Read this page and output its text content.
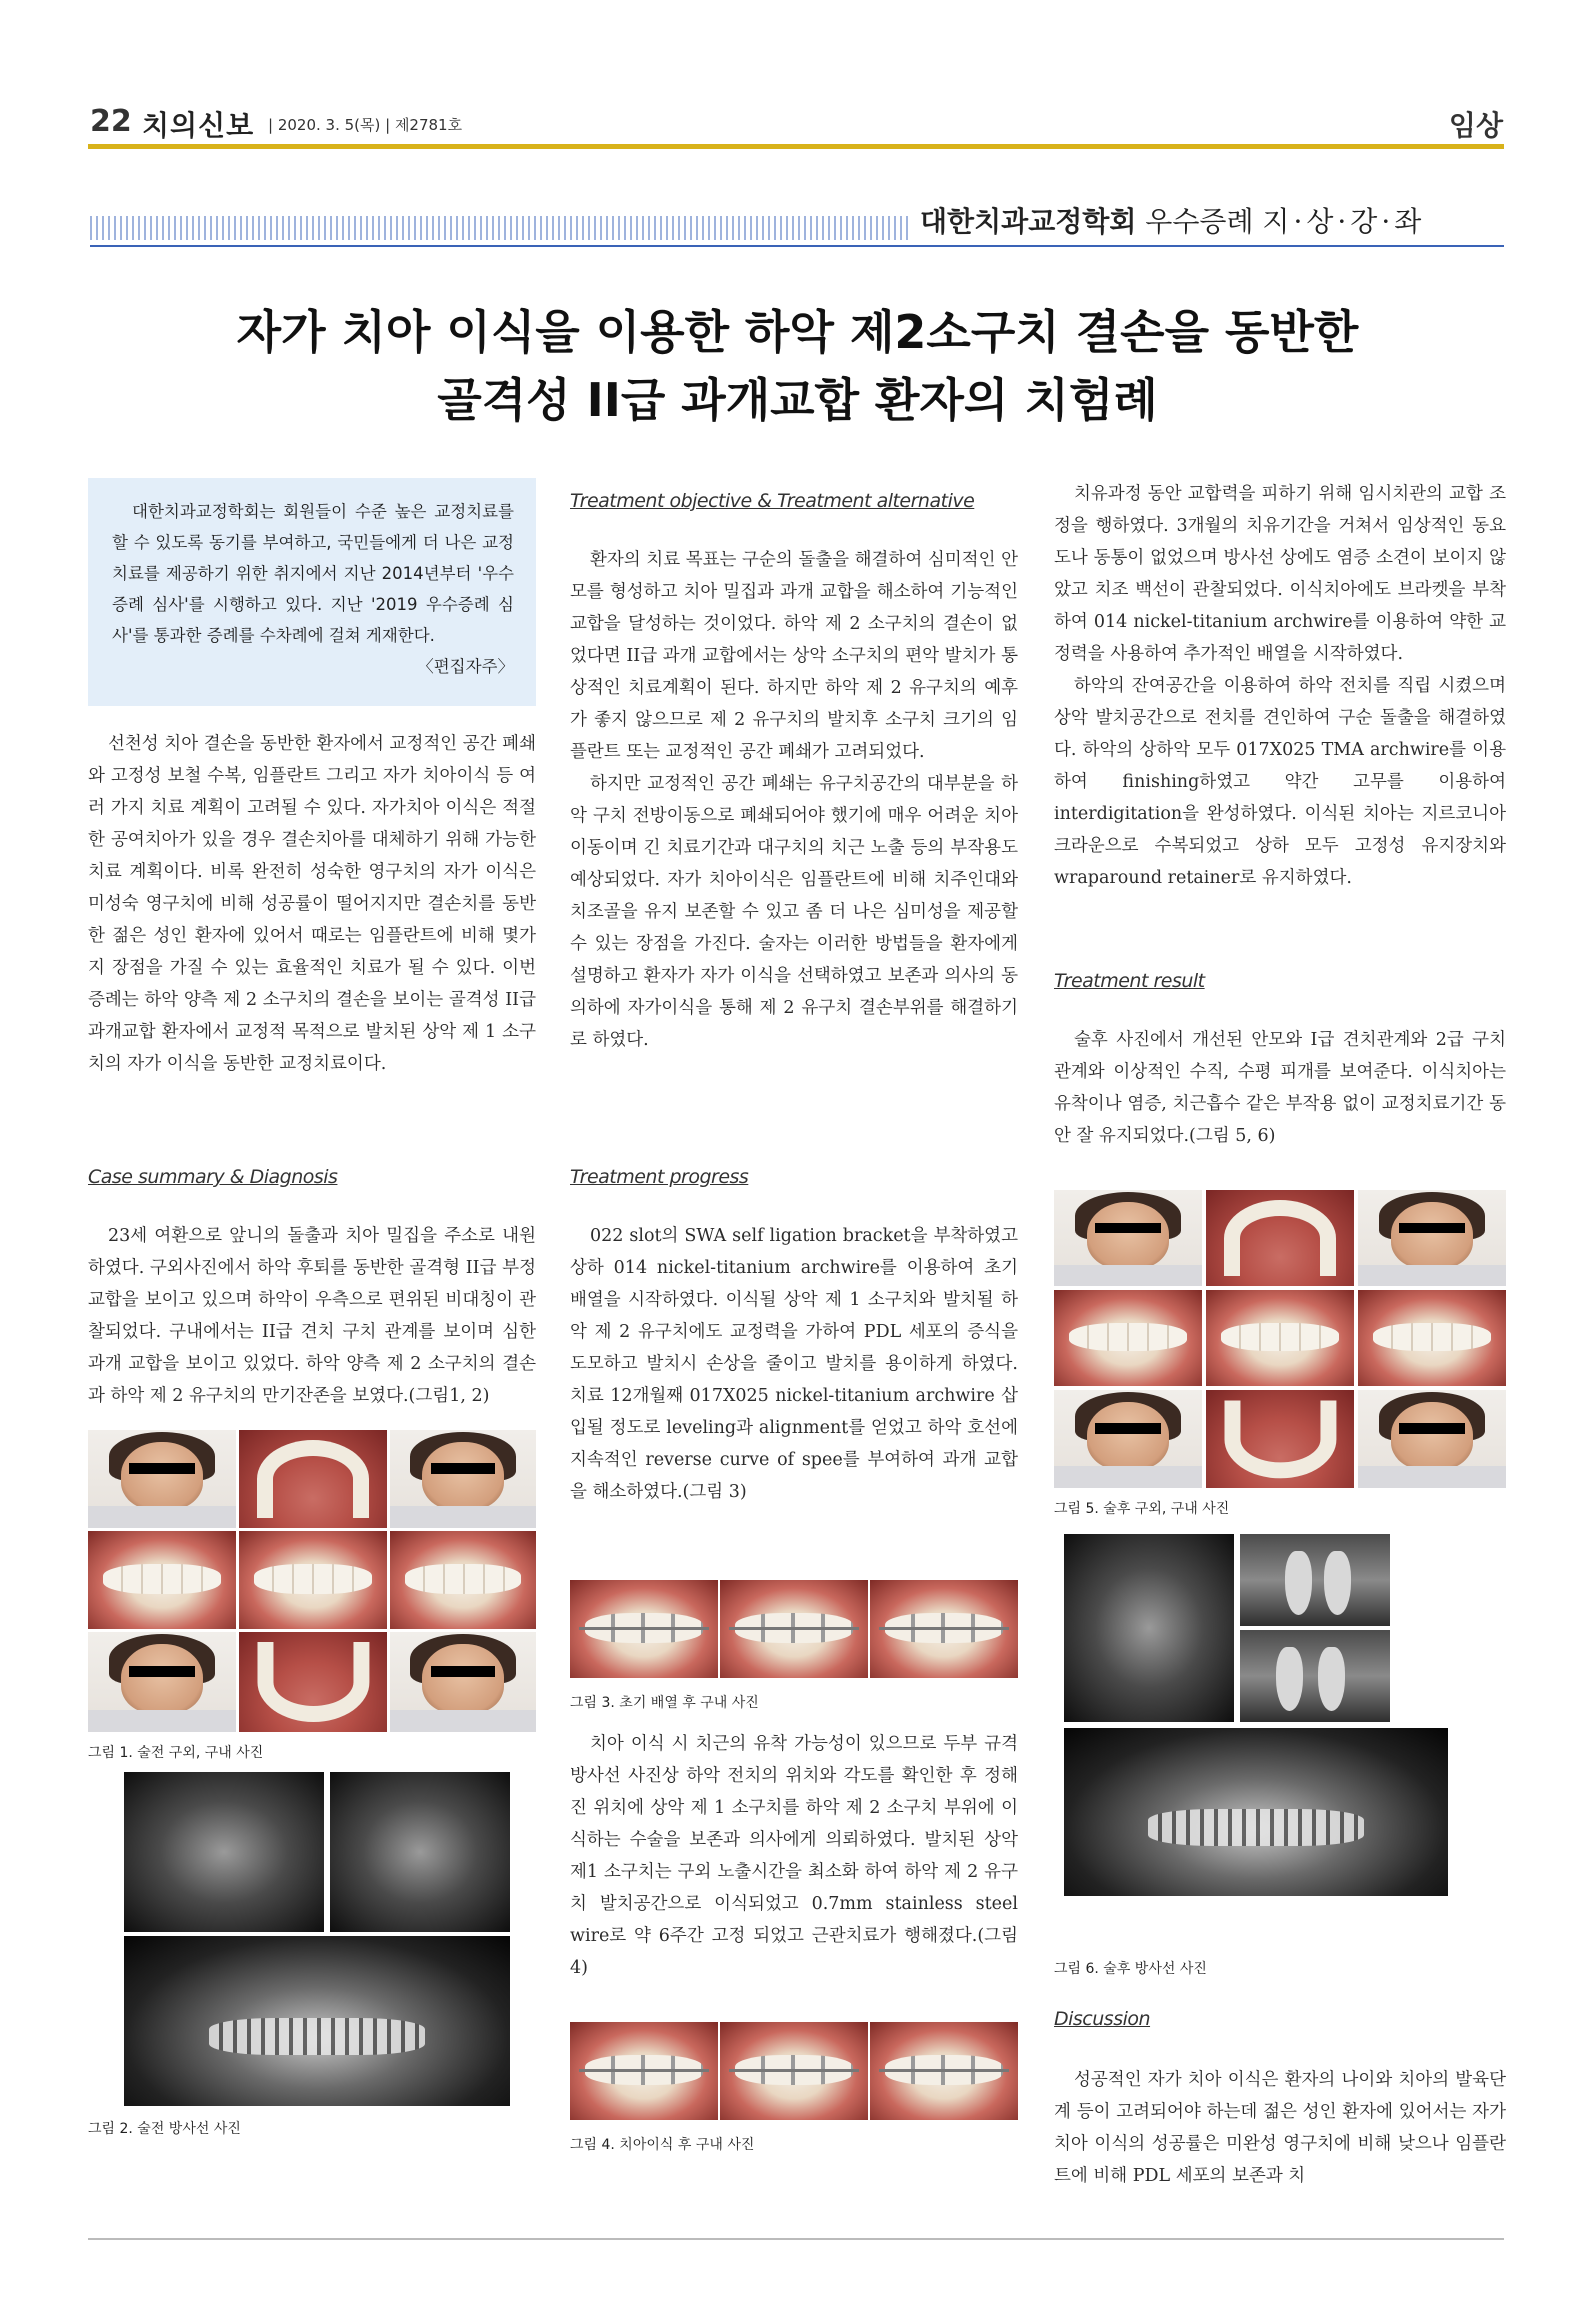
22 치의신보 | 2020. 3. 5(목) | 제2781호	임상
대한치과교정학회 우수증례 지·상·강·좌
자가 치아 이식을 이용한 하악 제2소구치 결손을 동반한
골격성 II급 과개교합 환자의 치험례
대한치과교정학회는 회원들이 수준 높은 교정치료를 할 수 있도록 동기를 부여하고, 국민들에게 더 나은 교정치료를 제공하기 위한 취지에서 지난 2014년부터 '우수증례 심사'를 시행하고 있다. 지난 '2019 우수증례 심사'를 통과한 증례를 수차례에 걸쳐 게재한다.
〈편집자주〉

선천성 치아 결손을 동반한 환자에서 교정적인 공간 폐쇄와 고정성 보철 수복, 임플란트 그리고 자가 치아이식 등 여러 가지 치료 계획이 고려될 수 있다. 자가치아 이식은 적절한 공여치아가 있을 경우 결손치아를 대체하기 위해 가능한 치료 계획이다. 비록 완전히 성숙한 영구치의 자가 이식은 미성숙 영구치에 비해 성공률이 떨어지지만 결손치를 동반한 젊은 성인 환자에 있어서 때로는 임플란트에 비해 몇가지 장점을 가질 수 있는 효율적인 치료가 될 수 있다. 이번 증례는 하악 양측 제 2 소구치의 결손을 보이는 골격성 II급 과개교합 환자에서 교정적 목적으로 발치된 상악 제 1 소구치의 자가 이식을 동반한 교정치료이다.

Case summary & Diagnosis

23세 여환으로 앞니의 돌출과 치아 밀집을 주소로 내원하였다. 구외사진에서 하악 후퇴를 동반한 골격형 II급 부정교합을 보이고 있으며 하악이 우측으로 편위된 비대칭이 관찰되었다. 구내에서는 II급 견치 구치 관계를 보이며 심한 과개 교합을 보이고 있었다. 하악 양측 제 2 소구치의 결손과 하악 제 2 유구치의 만기잔존을 보였다.(그림1, 2)

그림 1. 술전 구외, 구내 사진
그림 2. 술전 방사선 사진
Treatment objective & Treatment alternative

환자의 치료 목표는 구순의 돌출을 해결하여 심미적인 안모를 형성하고 치아 밀집과 과개 교합을 해소하여 기능적인 교합을 달성하는 것이었다. 하악 제 2 소구치의 결손이 없었다면 II급 과개 교합에서는 상악 소구치의 편악 발치가 통상적인 치료계획이 된다. 하지만 하악 제 2 유구치의 예후가 좋지 않으므로 제 2 유구치의 발치후 소구치 크기의 임플란트 또는 교정적인 공간 폐쇄가 고려되었다.

하지만 교정적인 공간 폐쇄는 유구치공간의 대부분을 하악 구치 전방이동으로 폐쇄되어야 했기에 매우 어려운 치아 이동이며 긴 치료기간과 대구치의 치근 노출 등의 부작용도 예상되었다. 자가 치아이식은 임플란트에 비해 치주인대와 치조골을 유지 보존할 수 있고 좀 더 나은 심미성을 제공할 수 있는 장점을 가진다. 술자는 이러한 방법들을 환자에게 설명하고 환자가 자가 이식을 선택하였고 보존과 의사의 동의하에 자가이식을 통해 제 2 유구치 결손부위를 해결하기로 하였다.

Treatment progress

022 slot의 SWA self ligation bracket을 부착하였고 상하 014 nickel-titanium archwire를 이용하여 초기 배열을 시작하였다. 이식될 상악 제 1 소구치와 발치될 하악 제 2 유구치에도 교정력을 가하여 PDL 세포의 증식을 도모하고 발치시 손상을 줄이고 발치를 용이하게 하였다. 치료 12개월째 017X025 nickel-titanium archwire 삽입될 정도로 leveling과 alignment를 얻었고 하악 호선에 지속적인 reverse curve of spee를 부여하여 과개 교합을 해소하였다.(그림 3)

그림 3. 초기 배열 후 구내 사진

치아 이식 시 치근의 유착 가능성이 있으므로 두부 규격 방사선 사진상 하악 전치의 위치와 각도를 확인한 후 정해진 위치에 상악 제 1 소구치를 하악 제 2 소구치 부위에 이식하는 수술을 보존과 의사에게 의뢰하였다. 발치된 상악 제1 소구치는 구외 노출시간을 최소화 하여 하악 제 2 유구치 발치공간으로 이식되었고 0.7mm stainless steel wire로 약 6주간 고정 되었고 근관치료가 행해졌다.(그림 4)

그림 4. 치아이식 후 구내 사진

치유과정 동안 교합력을 피하기 위해 임시치관의 교합 조정을 행하였다. 3개월의 치유기간을 거쳐서 임상적인 동요도나 동통이 없었으며 방사선 상에도 염증 소견이 보이지 않았고 치조 백선이 관찰되었다. 이식치아에도 브라켓을 부착하여 014 nickel-titanium archwire를 이용하여 약한 교정력을 사용하여 추가적인 배열을 시작하였다.

하악의 잔여공간을 이용하여 하악 전치를 직립 시켰으며 상악 발치공간으로 전치를 견인하여 구순 돌출을 해결하였다. 하악의 상하악 모두 017X025 TMA archwire를 이용하여 finishing하였고 약간 고무를 이용하여 interdigitation을 완성하였다. 이식된 치아는 지르코니아 크라운으로 수복되었고 상하 모두 고정성 유지장치와 wraparound retainer로 유지하였다.

Treatment result

술후 사진에서 개선된 안모와 I급 견치관계와 2급 구치 관계와 이상적인 수직, 수평 피개를 보여준다. 이식치아는 유착이나 염증, 치근흡수 같은 부작용 없이 교정치료기간 동안 잘 유지되었다.(그림 5, 6)

그림 5. 술후 구외, 구내 사진
그림 6. 술후 방사선 사진
Discussion

성공적인 자가 치아 이식은 환자의 나이와 치아의 발육단계 등이 고려되어야 하는데 젊은 성인 환자에 있어서는 자가 치아 이식의 성공률은 미완성 영구치에 비해 낮으나 임플란트에 비해 PDL 세포의 보존과 치
